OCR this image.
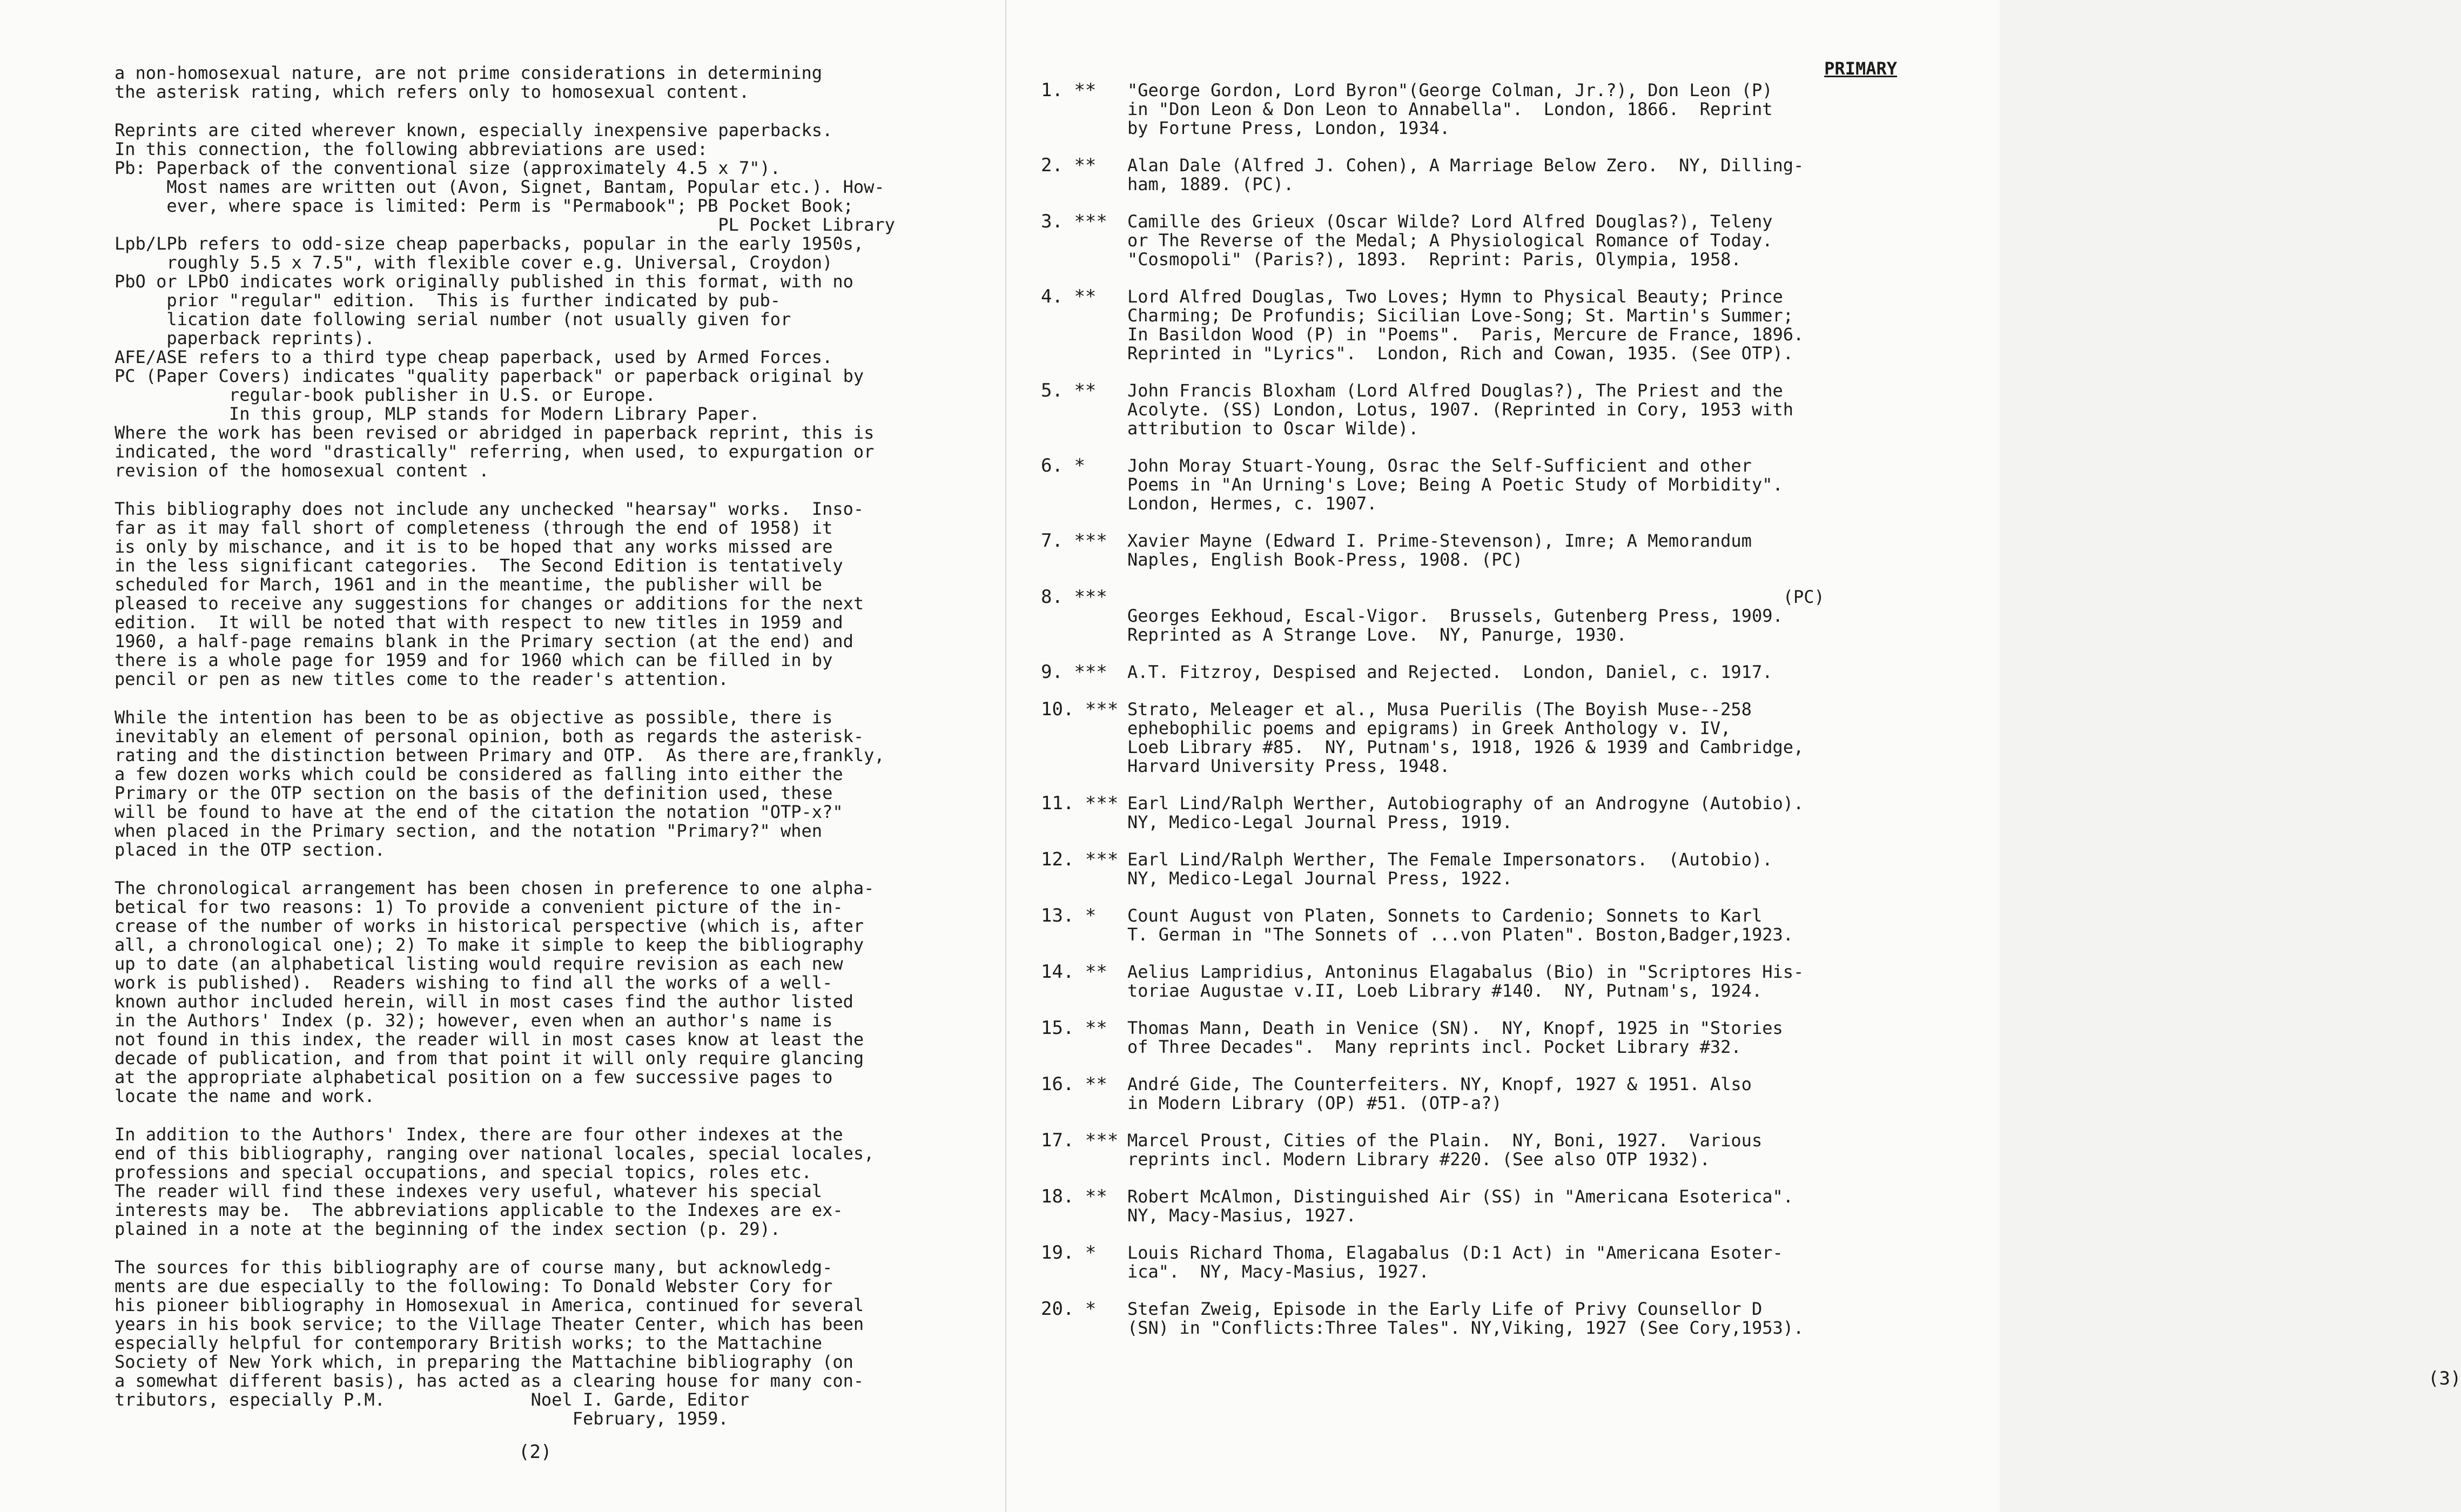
a non-homosexual nature, are not prime considerations in determining
the asterisk rating, which refers only to homosexual content.
Reprints are cited wherever known, especially inexpensive paperbacks.
In this connection, the following abbreviations are used:
Pb: Paperback of the conventional size (approximately 4.5 x 7").
Most names are written out (Avon, Signet, Bantam, Popular etc.). How-
ever, where space is limited: Perm is "Permabook"; PB Pocket Book;
PL Pocket Library
Lpb/LPb refers to odd-size cheap paperbacks, popular in the early 1950s,
roughly 5.5 x 7.5", with flexible cover e.g. Universal, Croydon)
PbO or LPbO indicates work originally published in this format, with no
prior "regular" edition.  This is further indicated by pub-
lication date following serial number (not usually given for
paperback reprints).
AFE/ASE refers to a third type cheap paperback, used by Armed Forces.
PC (Paper Covers) indicates "quality paperback" or paperback original by
regular-book publisher in U.S. or Europe.
In this group, MLP stands for Modern Library Paper.
Where the work has been revised or abridged in paperback reprint, this is
indicated, the word "drastically" referring, when used, to expurgation or
revision of the homosexual content .
This bibliography does not include any unchecked "hearsay" works.  Inso-
far as it may fall short of completeness (through the end of 1958) it
is only by mischance, and it is to be hoped that any works missed are
in the less significant categories.  The Second Edition is tentatively
scheduled for March, 1961 and in the meantime, the publisher will be
pleased to receive any suggestions for changes or additions for the next
edition.  It will be noted that with respect to new titles in 1959 and
1960, a half-page remains blank in the Primary section (at the end) and
there is a whole page for 1959 and for 1960 which can be filled in by
pencil or pen as new titles come to the reader's attention.
While the intention has been to be as objective as possible, there is
inevitably an element of personal opinion, both as regards the asterisk-
rating and the distinction between Primary and OTP.  As there are,frankly,
a few dozen works which could be considered as falling into either the
Primary or the OTP section on the basis of the definition used, these
will be found to have at the end of the citation the notation "OTP-x?"
when placed in the Primary section, and the notation "Primary?" when
placed in the OTP section.
The chronological arrangement has been chosen in preference to one alpha-
betical for two reasons: 1) To provide a convenient picture of the in-
crease of the number of works in historical perspective (which is, after
all, a chronological one); 2) To make it simple to keep the bibliography
up to date (an alphabetical listing would require revision as each new
work is published).  Readers wishing to find all the works of a well-
known author included herein, will in most cases find the author listed
in the Authors' Index (p. 32); however, even when an author's name is
not found in this index, the reader will in most cases know at least the
decade of publication, and from that point it will only require glancing
at the appropriate alphabetical position on a few successive pages to
locate the name and work.
In addition to the Authors' Index, there are four other indexes at the
end of this bibliography, ranging over national locales, special locales,
professions and special occupations, and special topics, roles etc.
The reader will find these indexes very useful, whatever his special
interests may be.  The abbreviations applicable to the Indexes are ex-
plained in a note at the beginning of the index section (p. 29).
The sources for this bibliography are of course many, but acknowledg-
ments are due especially to the following: To Donald Webster Cory for
his pioneer bibliography in Homosexual in America, continued for several
years in his book service; to the Village Theater Center, which has been
especially helpful for contemporary British works; to the Mattachine
Society of New York which, in preparing the Mattachine bibliography (on
a somewhat different basis), has acted as a clearing house for many con-
tributors, especially P.M.              Noel I. Garde, Editor
February, 1959.
(2)
PRIMARY
1. **	"George Gordon, Lord Byron"(George Colman, Jr.?), Don Leon (P)
in "Don Leon & Don Leon to Annabella".  London, 1866.  Reprint
by Fortune Press, London, 1934.
2. **	Alan Dale (Alfred J. Cohen), A Marriage Below Zero.  NY, Dilling-
ham, 1889. (PC).
3. ***	Camille des Grieux (Oscar Wilde? Lord Alfred Douglas?), Teleny
or The Reverse of the Medal; A Physiological Romance of Today.
"Cosmopoli" (Paris?), 1893.  Reprint: Paris, Olympia, 1958.
4. **	Lord Alfred Douglas, Two Loves; Hymn to Physical Beauty; Prince
Charming; De Profundis; Sicilian Love-Song; St. Martin's Summer;
In Basildon Wood (P) in "Poems".  Paris, Mercure de France, 1896.
Reprinted in "Lyrics".  London, Rich and Cowan, 1935. (See OTP).
5. **	John Francis Bloxham (Lord Alfred Douglas?), The Priest and the
Acolyte. (SS) London, Lotus, 1907. (Reprinted in Cory, 1953 with
attribution to Oscar Wilde).
6. *	John Moray Stuart-Young, Osrac the Self-Sufficient and other
Poems in "An Urning's Love; Being A Poetic Study of Morbidity".
London, Hermes, c. 1907.
7. ***	Xavier Mayne (Edward I. Prime-Stevenson), Imre; A Memorandum
Naples, English Book-Press, 1908. (PC)
8. ***	(PC)
Georges Eekhoud, Escal-Vigor.  Brussels, Gutenberg Press, 1909.
Reprinted as A Strange Love.  NY, Panurge, 1930.
9. ***	A.T. Fitzroy, Despised and Rejected.  London, Daniel, c. 1917.
10. *** Strato, Meleager et al., Musa Puerilis (The Boyish Muse--258
ephebophilic poems and epigrams) in Greek Anthology v. IV,
Loeb Library #85.  NY, Putnam's, 1918, 1926 & 1939 and Cambridge,
Harvard University Press, 1948.
11. *** Earl Lind/Ralph Werther, Autobiography of an Androgyne (Autobio).
NY, Medico-Legal Journal Press, 1919.
12. *** Earl Lind/Ralph Werther, The Female Impersonators.  (Autobio).
NY, Medico-Legal Journal Press, 1922.
13. *	Count August von Platen, Sonnets to Cardenio; Sonnets to Karl
T. German in "The Sonnets of ...von Platen". Boston,Badger,1923.
14. **	Aelius Lampridius, Antoninus Elagabalus (Bio) in "Scriptores His-
toriae Augustae v.II, Loeb Library #140.  NY, Putnam's, 1924.
15. **	Thomas Mann, Death in Venice (SN).  NY, Knopf, 1925 in "Stories
of Three Decades".  Many reprints incl. Pocket Library #32.
16. **	André Gide, The Counterfeiters. NY, Knopf, 1927 & 1951. Also
in Modern Library (OP) #51. (OTP-a?)
17. *** Marcel Proust, Cities of the Plain.  NY, Boni, 1927.  Various
reprints incl. Modern Library #220. (See also OTP 1932).
18. **	Robert McAlmon, Distinguished Air (SS) in "Americana Esoterica".
NY, Macy-Masius, 1927.
19. *	Louis Richard Thoma, Elagabalus (D:1 Act) in "Americana Esoter-
ica".  NY, Macy-Masius, 1927.
20. *	Stefan Zweig, Episode in the Early Life of Privy Counsellor D
(SN) in "Conflicts:Three Tales". NY,Viking, 1927 (See Cory,1953).
(3)
